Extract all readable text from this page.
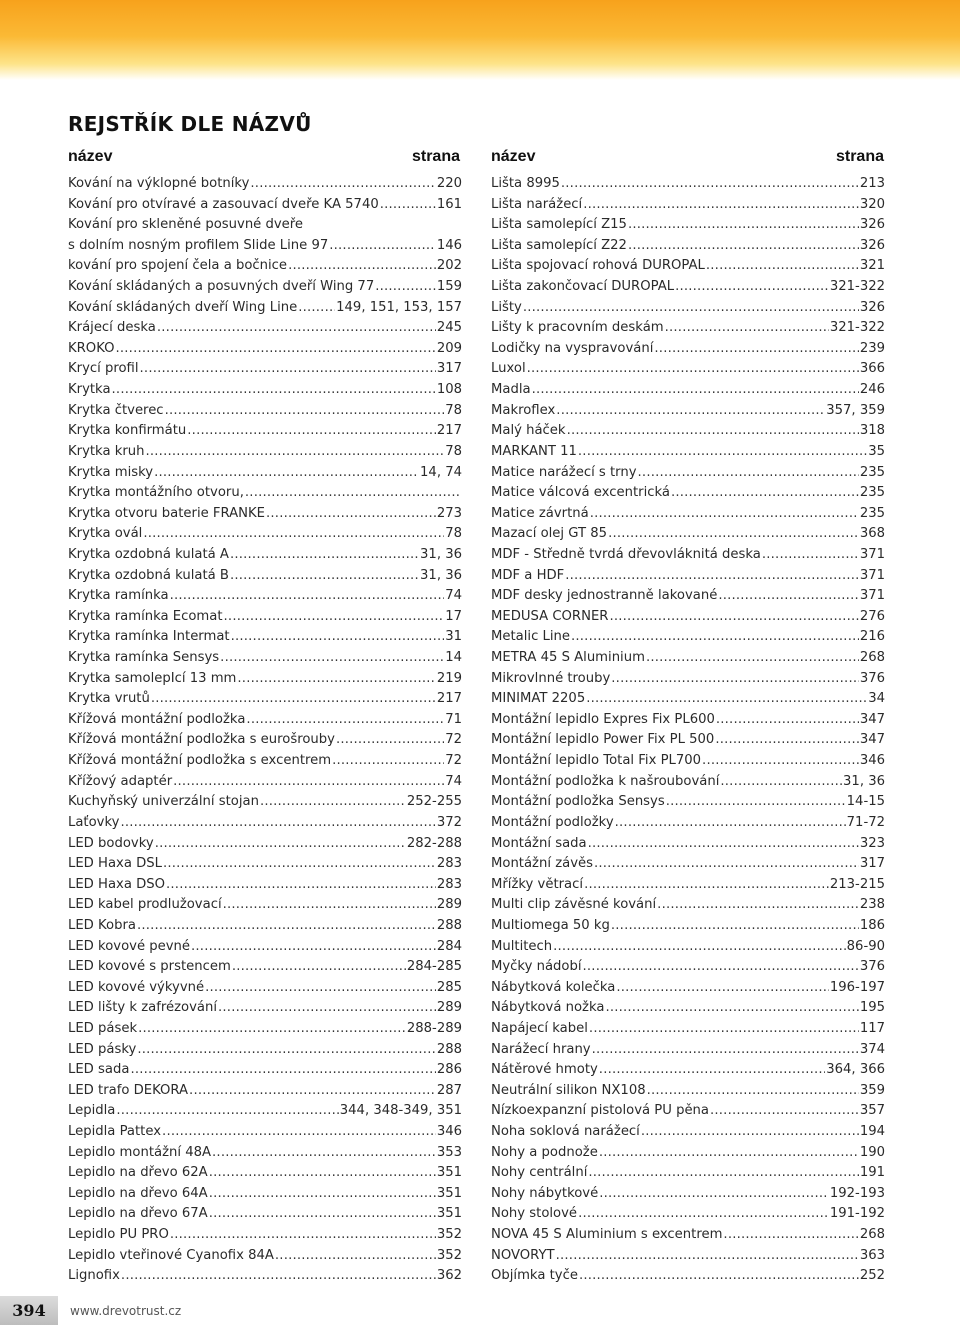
REJSTŘÍK DLE NÁZVŮ
název	strana název	strana
Kování na výklopné botníky .....	220
Kování pro otvíravé a zasouvací dveře KA 5740 .....	161
Kování pro skleněné posuvné dveře
s dolním nosným profilem Slide Line 97 .....	146
kování pro spojení čela a bočnice .....	202
Kování skládaných a posuvných dveří Wing 77 .....	159
Kování skládaných dveří Wing Line .....	149, 151, 153, 157
Krájecí deska .....	245
KROKO .....	209
Krycí profil .....	317
Krytka .....	108
Krytka čtverec .....	78
Krytka konfirmátu .....	217
Krytka kruh .....	78
Krytka misky .....	14, 74
Krytka montážního otvoru,
.....
Krytka otvoru baterie FRANKE .....	273
Krytka ovál .....	78
Krytka ozdobná kulatá A .....	31, 36
Krytka ozdobná kulatá B .....	31, 36
Krytka ramínka .....	74
Krytka ramínka Ecomat .....	17
Krytka ramínka Intermat .....	31
Krytka ramínka Sensys .....	14
Krytka samolepIcí 13 mm .....	219
Krytka vrutů .....	217
Křížová montážní podložka .....	71
Křížová montážní podložka s eurošrouby .....	72
Křížová montážní podložka s excentrem .....	72
Křížový adaptér .....	74
Kuchyňský univerzální stojan .....	252-255
Laťovky .....	372
LED bodovky .....	282-288
LED Haxa DSL .....	283
LED Haxa DSO .....	283
LED kabel prodlužovací .....	289
LED Kobra .....	288
LED kovové pevné .....	284
LED kovové s prstencem .....	284-285
LED kovové výkyvné .....	285
LED lišty k zafrézování .....	289
LED pásek .....	288-289
LED pásky .....	288
LED sada .....	286
LED trafo DEKORA .....	287
Lepidla .....	344, 348-349, 351
Lepidla Pattex .....	346
Lepidlo montážní 48A .....	353
Lepidlo na dřevo 62A .....	351
Lepidlo na dřevo 64A .....	351
Lepidlo na dřevo 67A .....	351
Lepidlo PU PRO .....	352
Lepidlo vteřinové Cyanofix 84A .....	352
Lignofix .....	362
Lišta 8995 .....	213
Lišta narážecí .....	320
Lišta samolepící Z15 .....	326
Lišta samolepící Z22 .....	326
Lišta spojovací rohová DUROPAL .....	321
Lišta zakončovací DUROPAL .....	321-322
Lišty .....	326
Lišty k pracovním deskám .....	321-322
Lodičky na vyspravování .....	239
Luxol .....	366
Madla .....	246
Makroflex .....	357, 359
Malý háček .....	318
MARKANT 11 .....	35
Matice narážecí s trny .....	235
Matice válcová excentrická .....	235
Matice závrtná .....	235
Mazací olej GT 85 .....	368
MDF - Středně tvrdá dřevovláknitá deska .....	371
MDF a HDF .....	371
MDF desky jednostranně lakované .....	371
MEDUSA CORNER .....	276
Metalic Line .....	216
METRA 45 S Aluminium .....	268
Mikrovlnné trouby .....	376
MINIMAT 2205 .....	34
Montážní lepidlo Expres Fix PL600 .....	347
Montážní lepidlo Power Fix PL 500 .....	347
Montážní lepidlo Total Fix PL700 .....	346
Montážní podložka k našroubování .....	31, 36
Montážní podložka Sensys .....	14-15
Montážní podložky .....	71-72
Montážní sada .....	323
Montážní závěs .....	317
Mřížky větrací .....	213-215
Multi clip závěsné kování .....	238
Multiomega 50 kg .....	186
Multitech .....	86-90
Myčky nádobí .....	376
Nábytková kolečka .....	196-197
Nábytková nožka .....	195
Napájecí kabel .....	117
Narážecí hrany .....	374
Nátěrové hmoty .....	364, 366
Neutrální silikon NX108 .....	359
Nízkoexpanzní pistolová PU pěna .....	357
Noha soklová narážecí .....	194
Nohy a podnože .....	190
Nohy centrální .....	191
Nohy nábytkové .....	192-193
Nohy stolové .....	191-192
NOVA 45 S Aluminium s excentrem .....	268
NOVORYT .....	363
Objímka tyče .....	252
394 www.drevotrust.cz
